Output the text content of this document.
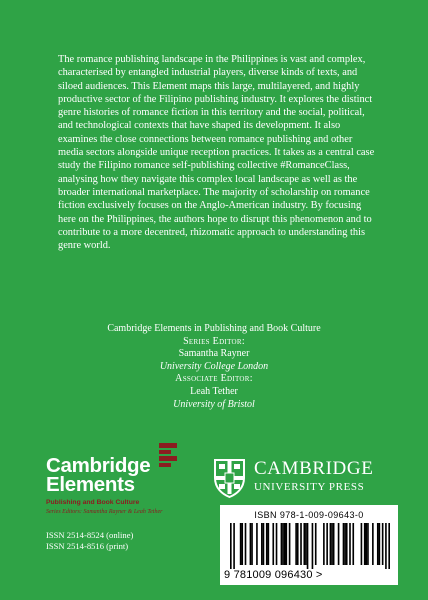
The romance publishing landscape in the Philippines is vast and complex, characterised by entangled industrial players, diverse kinds of texts, and siloed audiences. This Element maps this large, multilayered, and highly productive sector of the Filipino publishing industry. It explores the distinct genre histories of romance fiction in this territory and the social, political, and technological contexts that have shaped its development. It also examines the close connections between romance publishing and other media sectors alongside unique reception practices. It takes as a central case study the Filipino romance self-publishing collective #RomanceClass, analysing how they navigate this complex local landscape as well as the broader international marketplace. The majority of scholarship on romance fiction exclusively focuses on the Anglo-American industry. By focusing here on the Philippines, the authors hope to disrupt this phenomenon and to contribute to a more decentred, rhizomatic approach to understanding this genre world.

Cambridge Elements in Publishing and Book Culture
Series Editor:
Samantha Rayner
University College London
Associate Editor:
Leah Tether
University of Bristol
Cambridge
Elements
Publishing and Book Culture
Series Editors: Samantha Rayner & Leah Tether
ISSN 2514-8524 (online)
ISSN 2514-8516 (print)
CAMBRIDGE
UNIVERSITY PRESS
ISBN 978-1-009-09643-0
9 781009 096430 >
